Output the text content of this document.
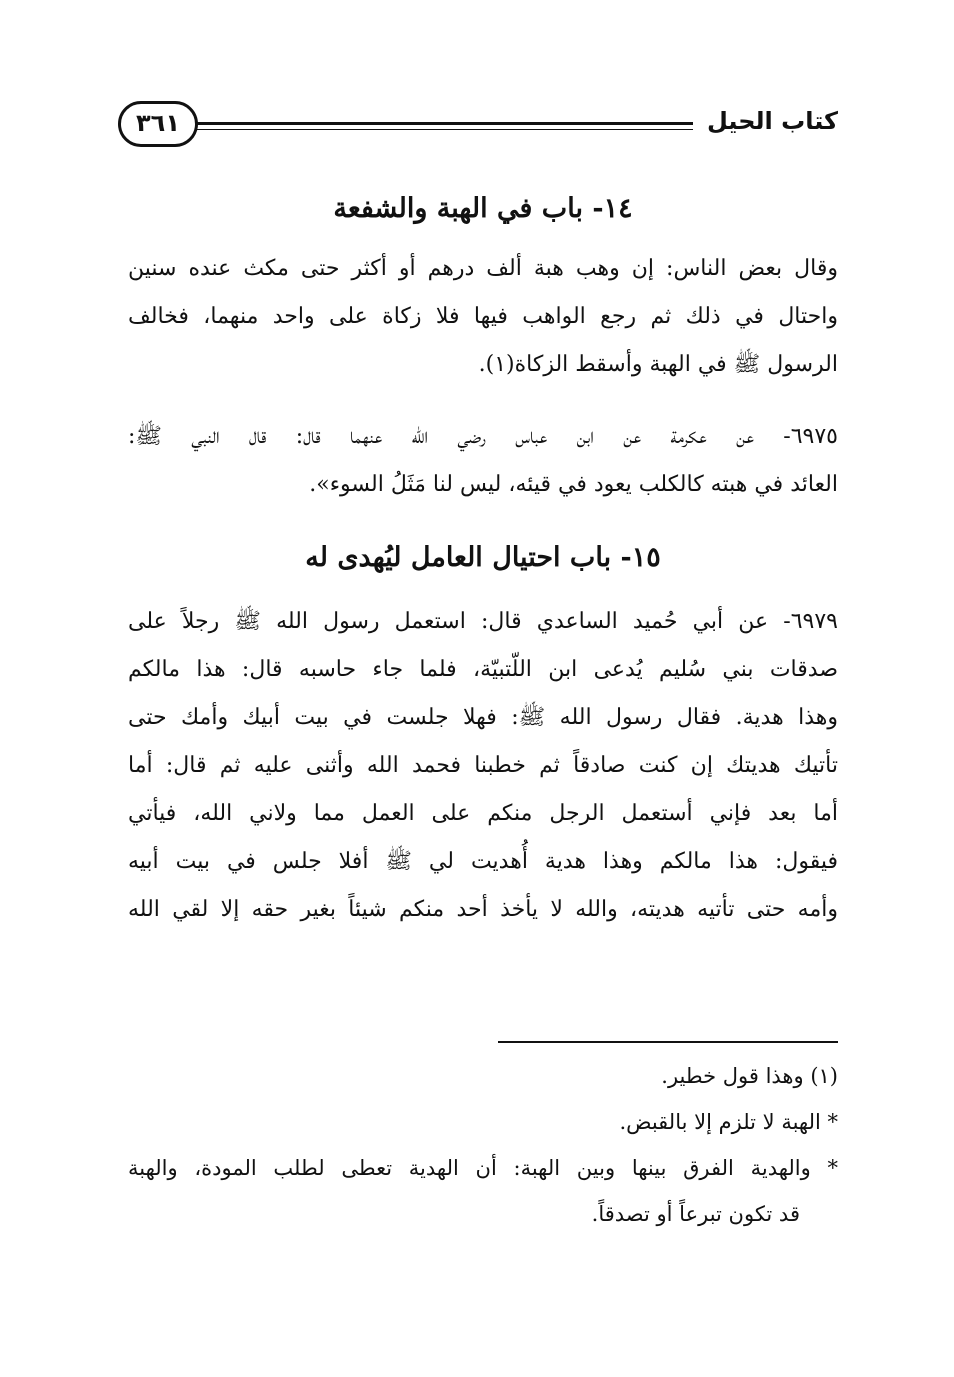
كتاب الحيل
٣٦١
١٤- باب في الهبة والشفعة
وقال بعض الناس: إن وهب هبة ألف درهم أو أكثر حتى مكث عنده سنين
واحتال في ذلك ثم رجع الواهب فيها فلا زكاة على واحد منهما، فخالف
الرسول ﷺ في الهبة وأسقط الزكاة(١).
٦٩٧٥- عن عكرمة عن ابن عباس رضي الله عنهما قال: قال النبي ﷺ:
العائد في هبته كالكلب يعود في قيئه، ليس لنا مَثَلُ السوء».
١٥- باب احتيال العامل ليُهدى له
٦٩٧٩- عن أبي حُميد الساعدي قال: استعمل رسول الله ﷺ رجلاً على
صدقات بني سُليم يُدعى ابن اللّتبيّة، فلما جاء حاسبه قال: هذا مالكم
وهذا هدية. فقال رسول الله ﷺ: فهلا جلست في بيت أبيك وأمك حتى
تأتيك هديتك إن كنت صادقاً ثم خطبنا فحمد الله وأثنى عليه ثم قال: أما
أما بعد فإني أستعمل الرجل منكم على العمل مما ولاني الله، فيأتي
فيقول: هذا مالكم وهذا هدية أُهديت لي ﷺ أفلا جلس في بيت أبيه
وأمه حتى تأتيه هديته، والله لا يأخذ أحد منكم شيئاً بغير حقه إلا لقي الله
(١) وهذا قول خطير.
* الهبة لا تلزم إلا بالقبض.
* والهدية الفرق بينها وبين الهبة: أن الهدية تعطى لطلب المودة، والهبة
قد تكون تبرعاً أو تصدقاً.
